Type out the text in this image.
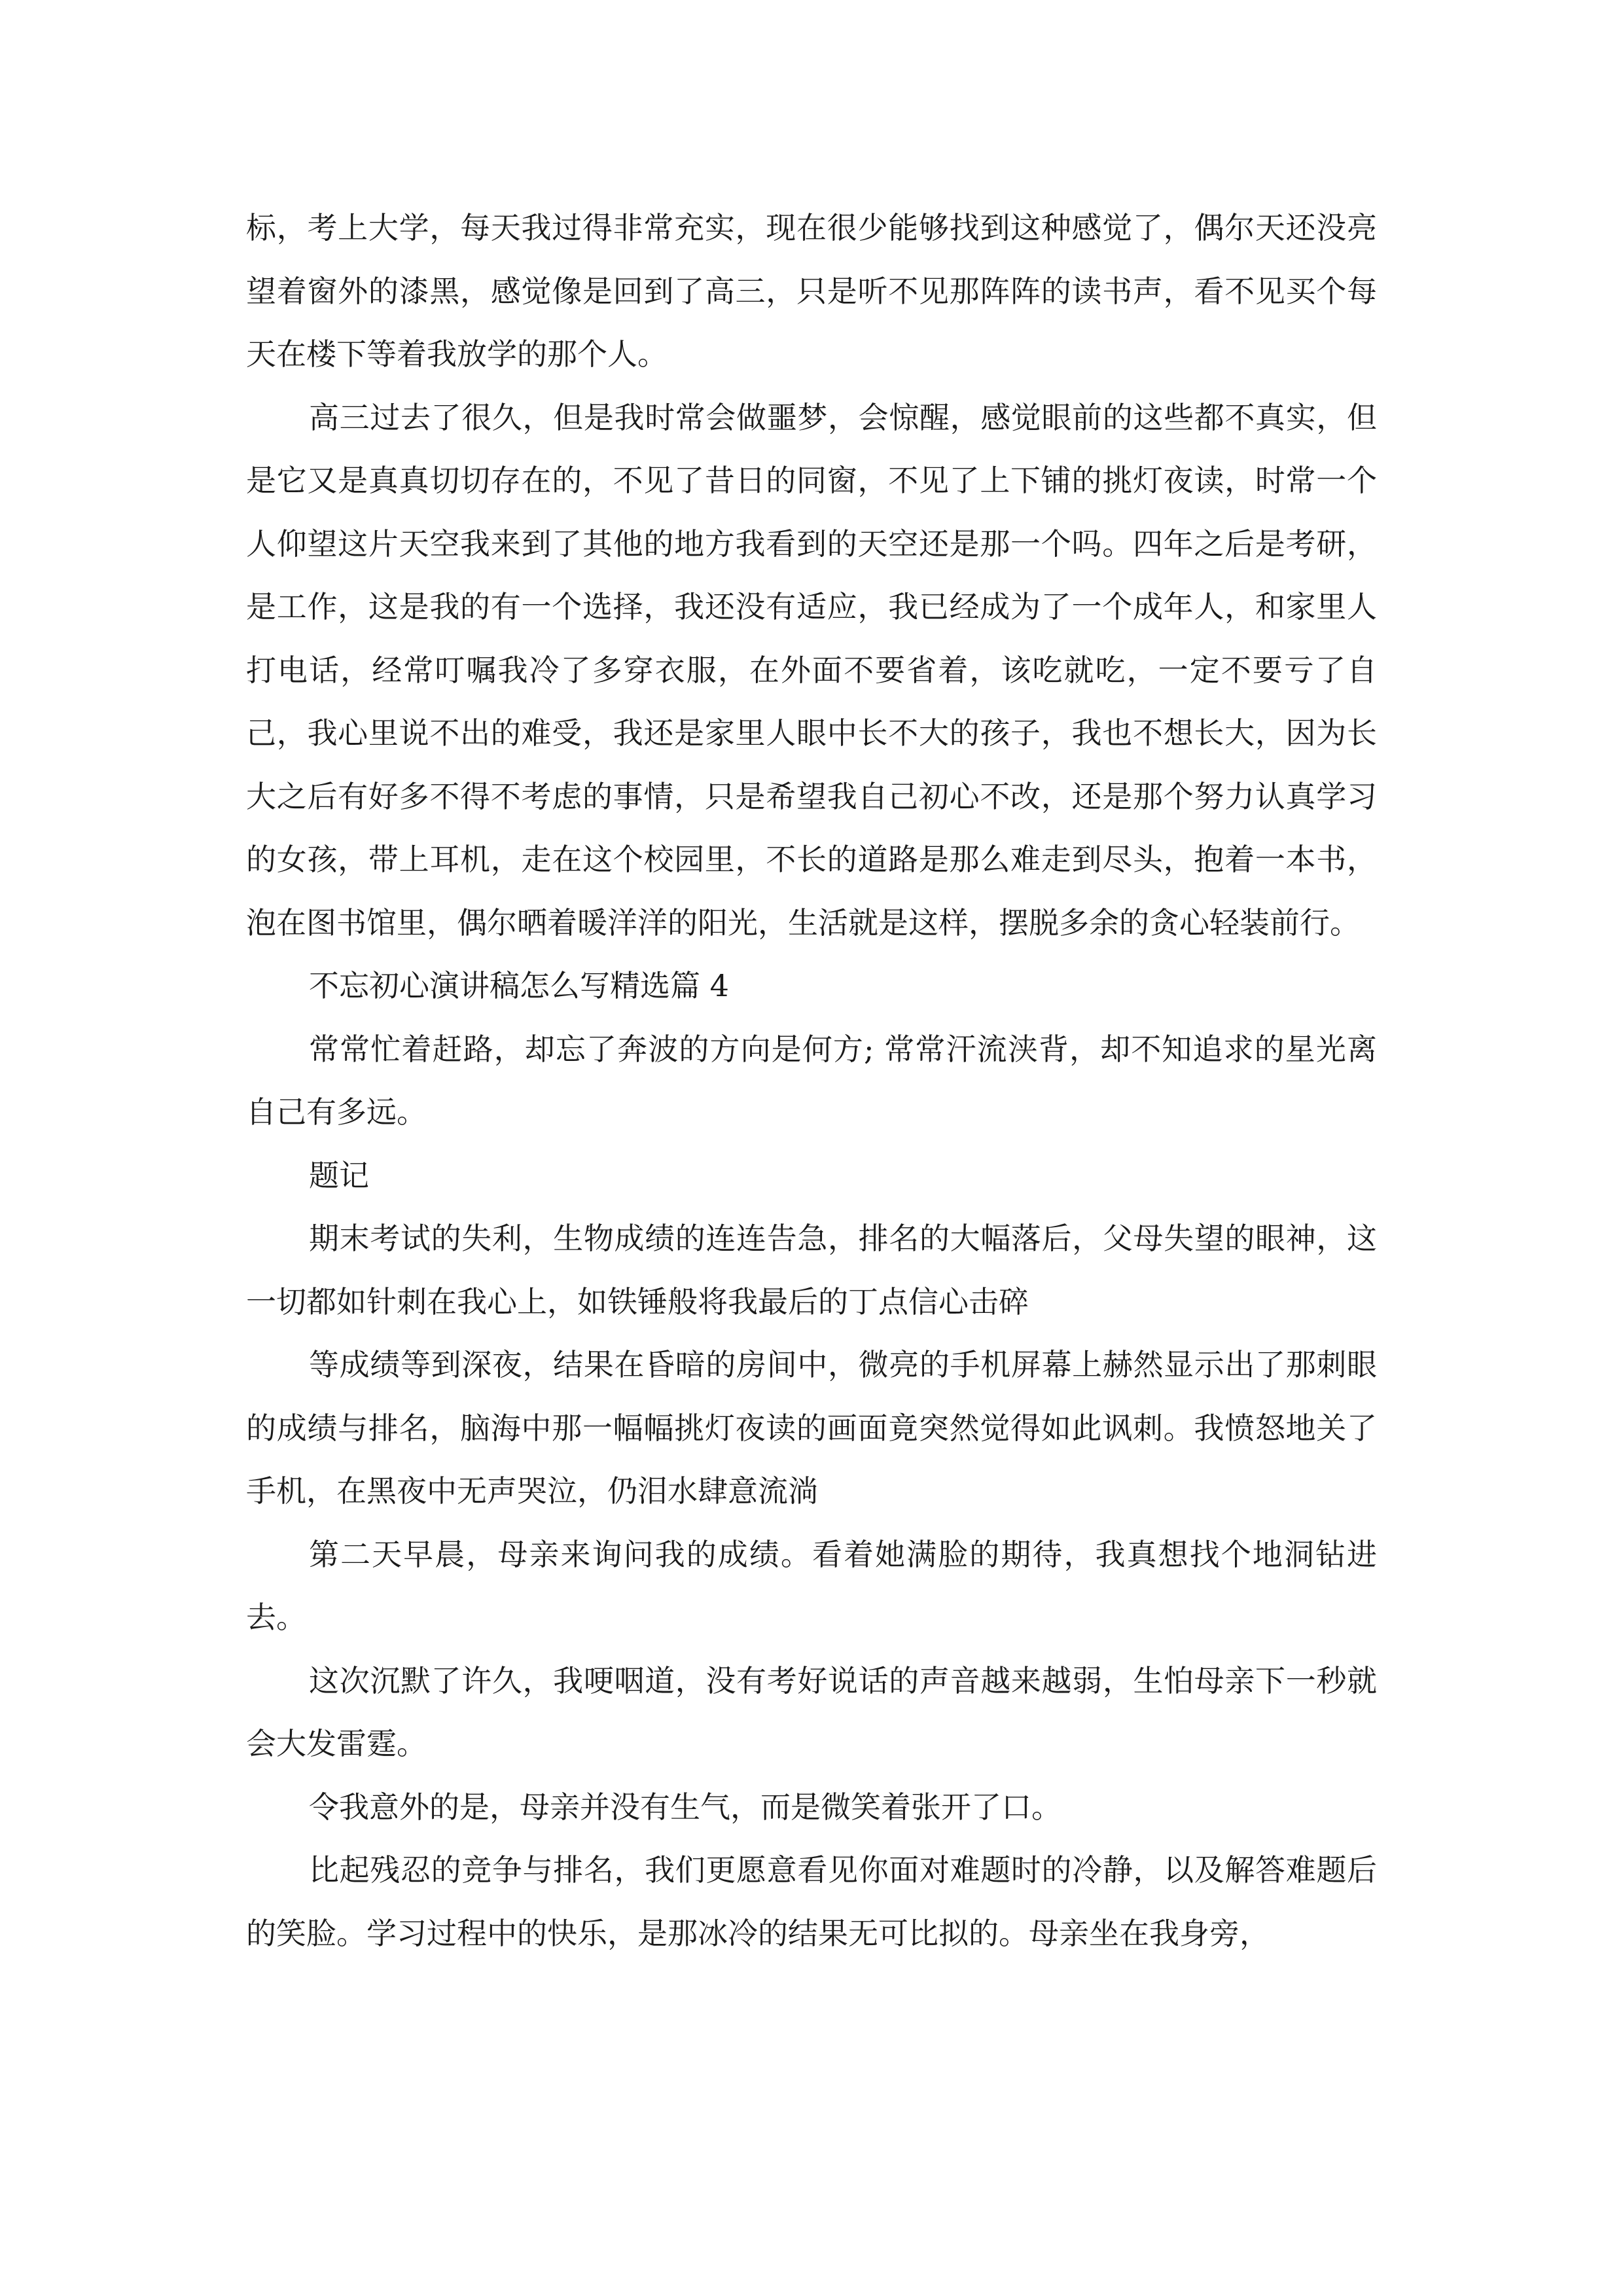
标，考上大学，每天我过得非常充实，现在很少能够找到这种感觉了，偶尔天还没亮望着窗外的漆黑，感觉像是回到了高三，只是听不见那阵阵的读书声，看不见买个每天在楼下等着我放学的那个人。

高三过去了很久，但是我时常会做噩梦，会惊醒，感觉眼前的这些都不真实，但是它又是真真切切存在的，不见了昔日的同窗，不见了上下铺的挑灯夜读，时常一个人仰望这片天空我来到了其他的地方我看到的天空还是那一个吗。四年之后是考研，是工作，这是我的有一个选择，我还没有适应，我已经成为了一个成年人，和家里人打电话，经常叮嘱我冷了多穿衣服，在外面不要省着，该吃就吃，一定不要亏了自己，我心里说不出的难受，我还是家里人眼中长不大的孩子，我也不想长大，因为长大之后有好多不得不考虑的事情，只是希望我自己初心不改，还是那个努力认真学习的女孩，带上耳机，走在这个校园里，不长的道路是那么难走到尽头，抱着一本书，泡在图书馆里，偶尔晒着暖洋洋的阳光，生活就是这样，摆脱多余的贪心轻装前行。

不忘初心演讲稿怎么写精选篇 4

常常忙着赶路，却忘了奔波的方向是何方; 常常汗流浃背，却不知追求的星光离自己有多远。

题记

期末考试的失利，生物成绩的连连告急，排名的大幅落后，父母失望的眼神，这一切都如针刺在我心上，如铁锤般将我最后的丁点信心击碎

等成绩等到深夜，结果在昏暗的房间中，微亮的手机屏幕上赫然显示出了那刺眼的成绩与排名，脑海中那一幅幅挑灯夜读的画面竟突然觉得如此讽刺。我愤怒地关了手机，在黑夜中无声哭泣，仍泪水肆意流淌

第二天早晨，母亲来询问我的成绩。看着她满脸的期待，我真想找个地洞钻进去。

这次沉默了许久，我哽咽道，没有考好说话的声音越来越弱，生怕母亲下一秒就会大发雷霆。

令我意外的是，母亲并没有生气，而是微笑着张开了口。

比起残忍的竞争与排名，我们更愿意看见你面对难题时的冷静，以及解答难题后的笑脸。学习过程中的快乐，是那冰冷的结果无可比拟的。母亲坐在我身旁，
